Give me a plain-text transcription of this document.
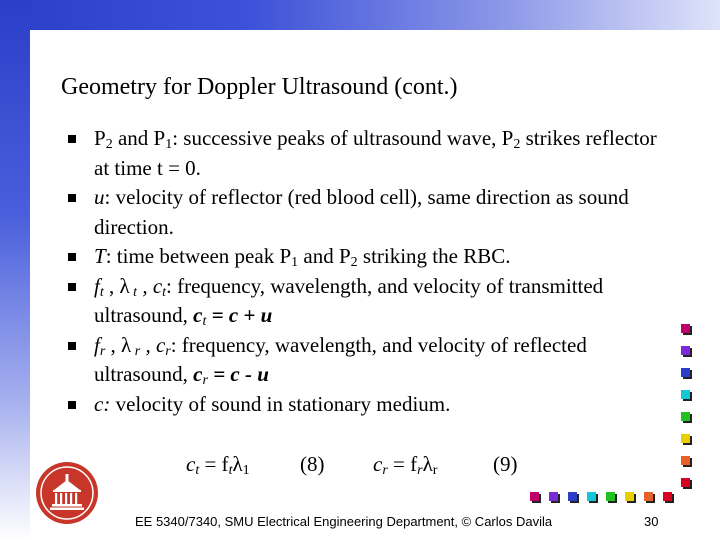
Geometry for Doppler Ultrasound (cont.)
$P_2$ and $P_1$: successive peaks of ultrasound wave, $P_2$ strikes reflector at time t = 0.
u: velocity of reflector (red blood cell), same direction as sound direction.
T: time between peak $P_1$ and $P_2$ striking the RBC.
$f_t$ , λ $_t$ , $c_t$: frequency, wavelength, and velocity of transmitted ultrasound, $c_t = c + u$
$f_r$ , λ $_r$ , $c_r$: frequency, wavelength, and velocity of reflected ultrasound, $c_r = c - u$
c: velocity of sound in stationary medium.
$c_t = f_t\lambda_1$ (8) $c_r = f_r\lambda_r$	(9)
EE 5340/7340, SMU Electrical Engineering Department, © Carlos Davila	30
